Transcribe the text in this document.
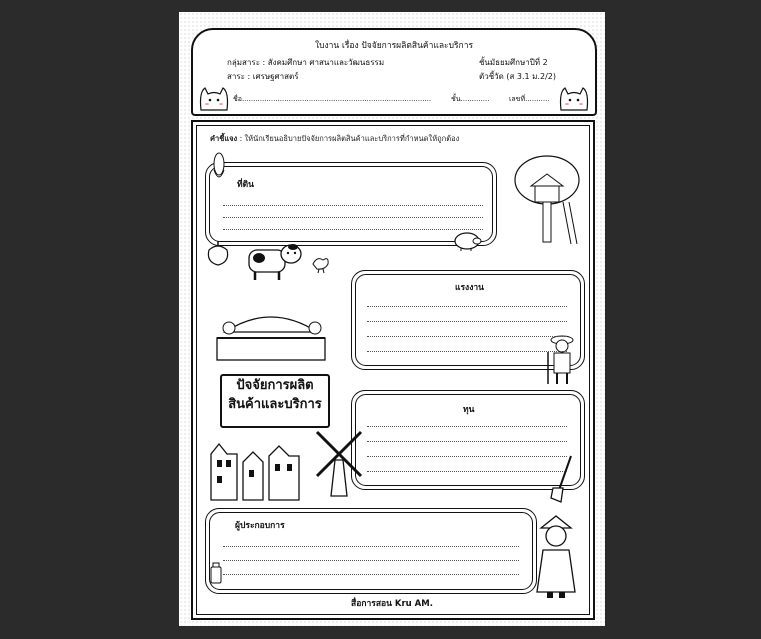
ใบงาน เรื่อง ปัจจัยการผลิตสินค้าและบริการ
กลุ่มสาระ : สังคมศึกษา ศาสนาและวัฒนธรรม	ชั้นมัธยมศึกษาปีที่ 2
สาระ : เศรษฐศาสตร์	ตัวชี้วัด (ส 3.1 ม.2/2)
ชื่อ.....................................................................................	ชั้น.............	เลขที่...........
คำชี้แจง : ให้นักเรียนอธิบายปัจจัยการผลิตสินค้าและบริการที่กำหนดให้ถูกต้อง
ที่ดิน
แรงงาน
ทุน
ผู้ประกอบการ
ปัจจัยการผลิต
สินค้าและบริการ
สื่อการสอน Kru AM.
